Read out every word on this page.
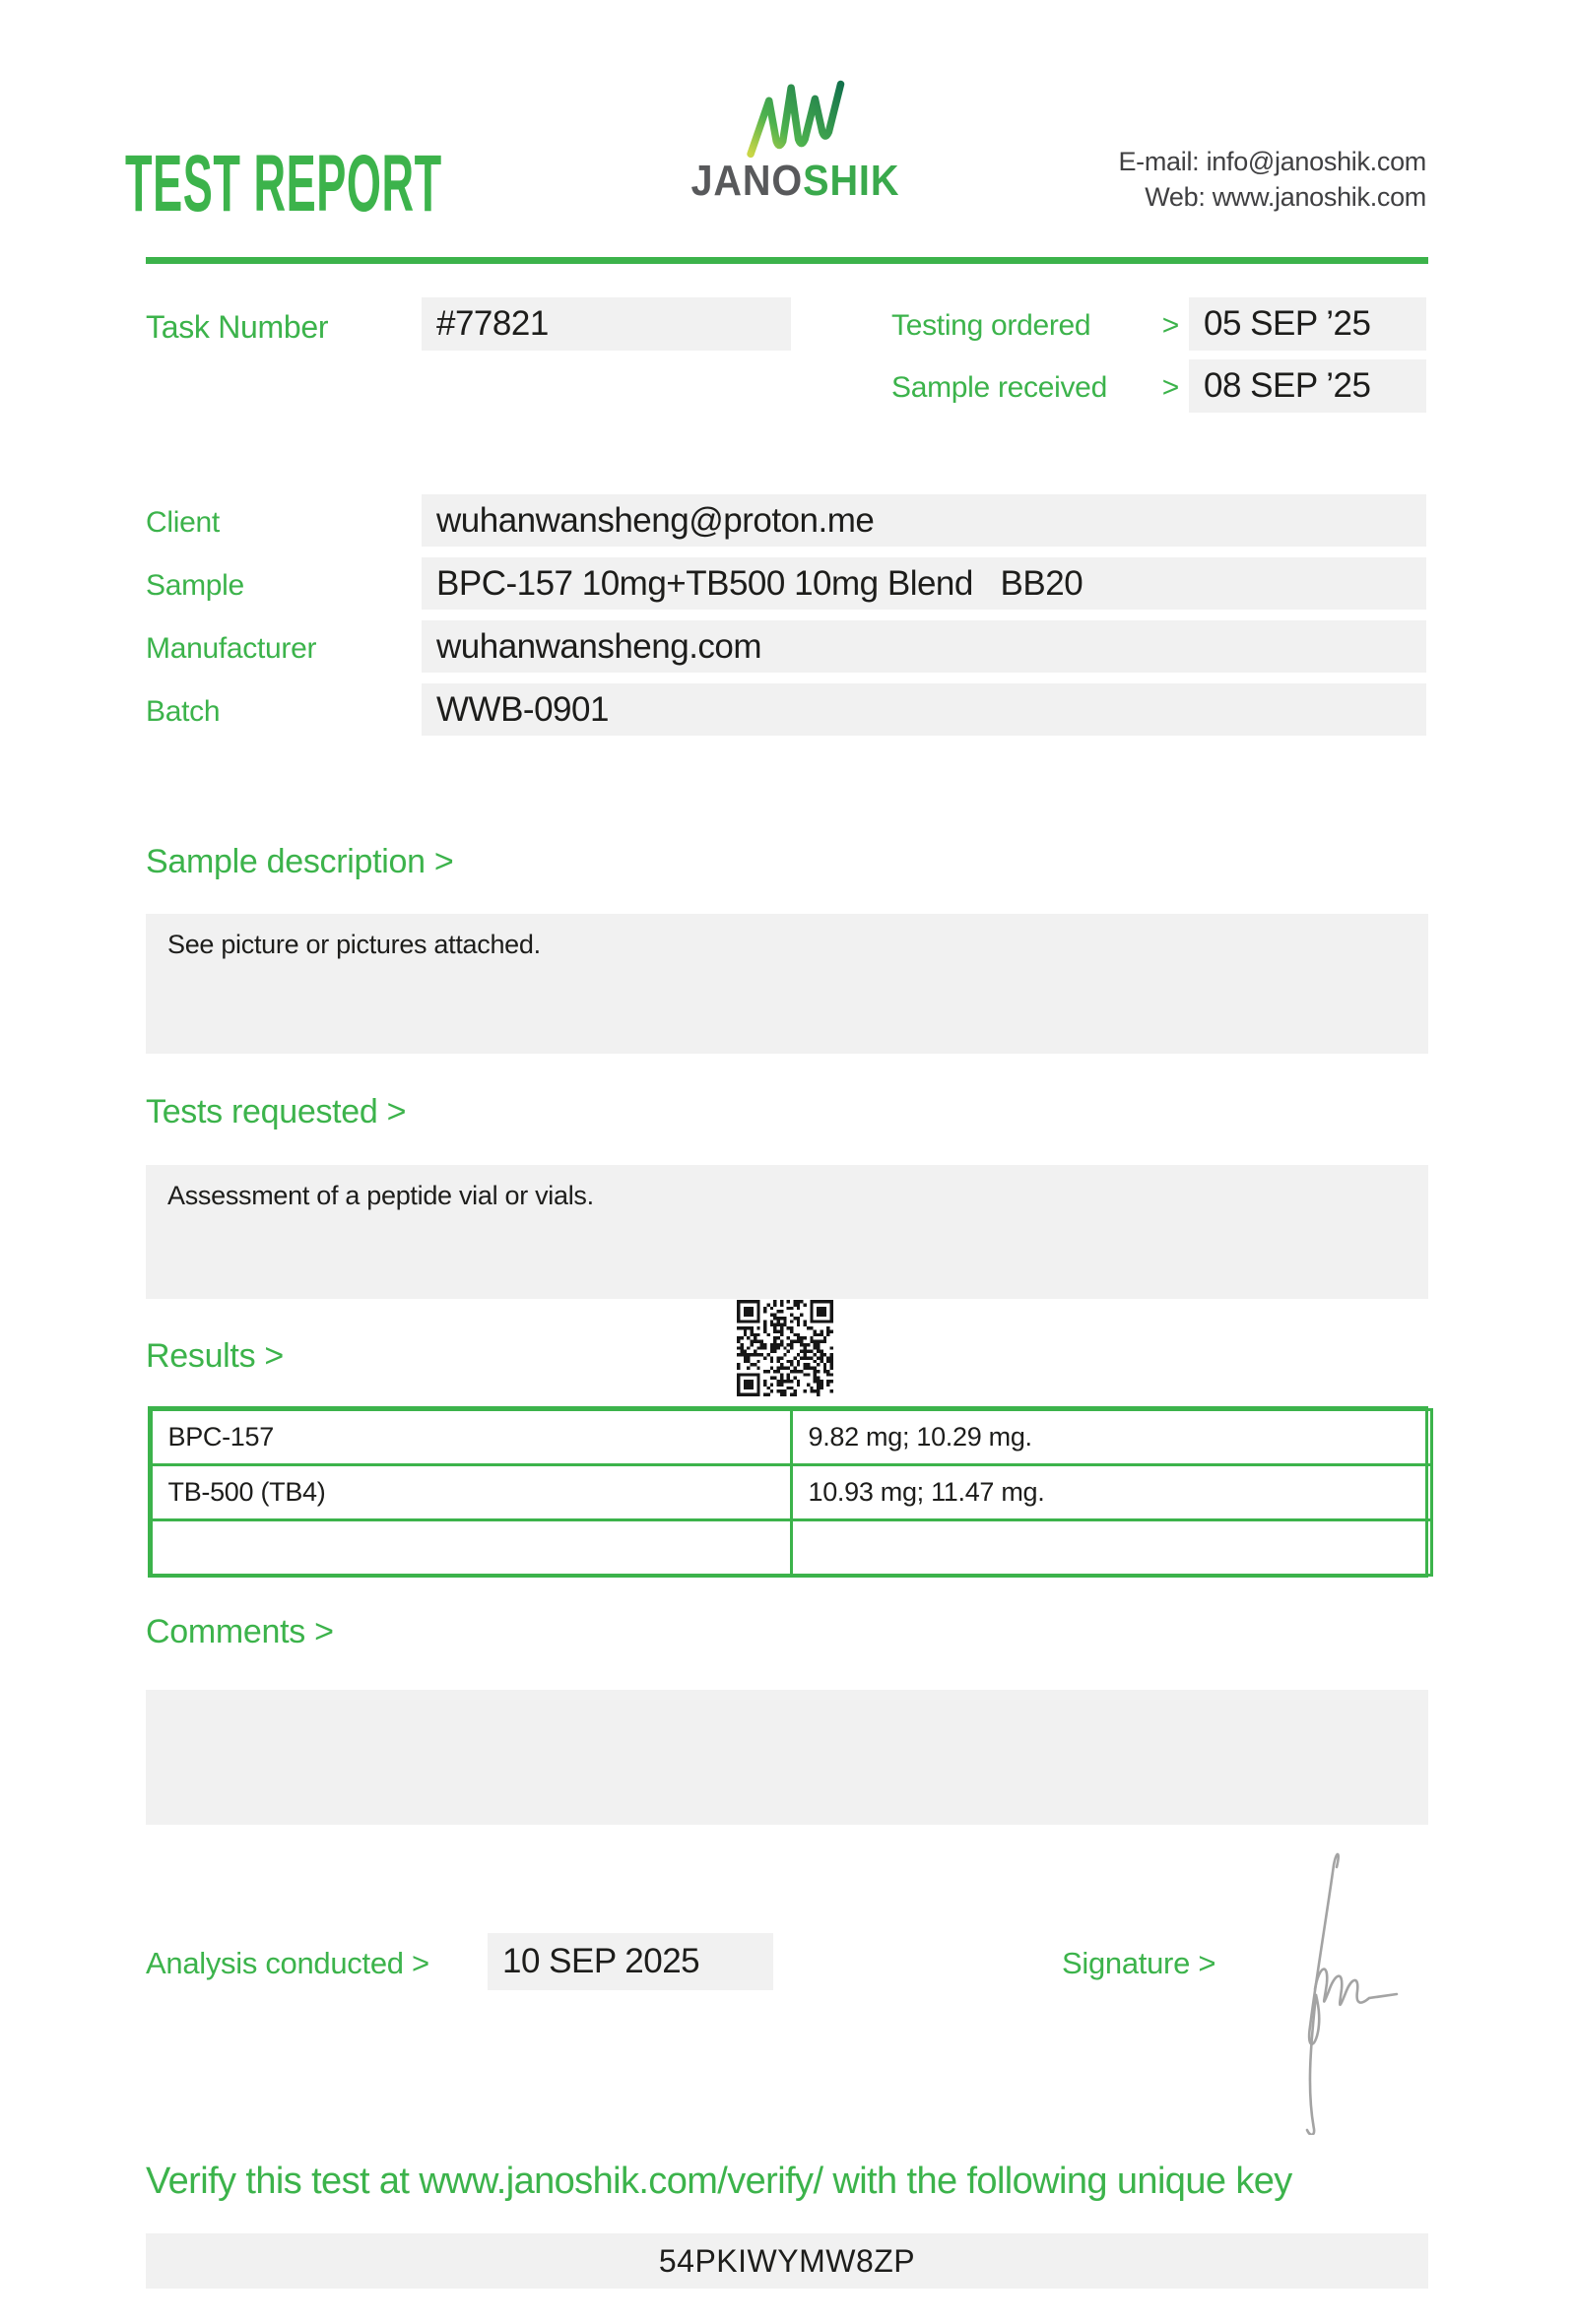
TEST REPORT	JANOSHIK	E-mail: info@janoshik.com
Web: www.janoshik.com
Task Number	#77821	Testing ordered > 05 SEP ’25
Sample received > 08 SEP ’25
Client	wuhanwansheng@proton.me
Sample	BPC-157 10mg+TB500 10mg Blend   BB20
Manufacturer	wuhanwansheng.com
Batch	WWB-0901
Sample description >
See picture or pictures attached.
Tests requested >
Assessment of a peptide vial or vials.
Results >
BPC-157	9.82 mg; 10.29 mg.
TB-500 (TB4)	10.93 mg; 11.47 mg.
Comments >
Analysis conducted >	10 SEP 2025	Signature >
Verify this test at www.janoshik.com/verify/ with the following unique key
54PKIWYMW8ZP
